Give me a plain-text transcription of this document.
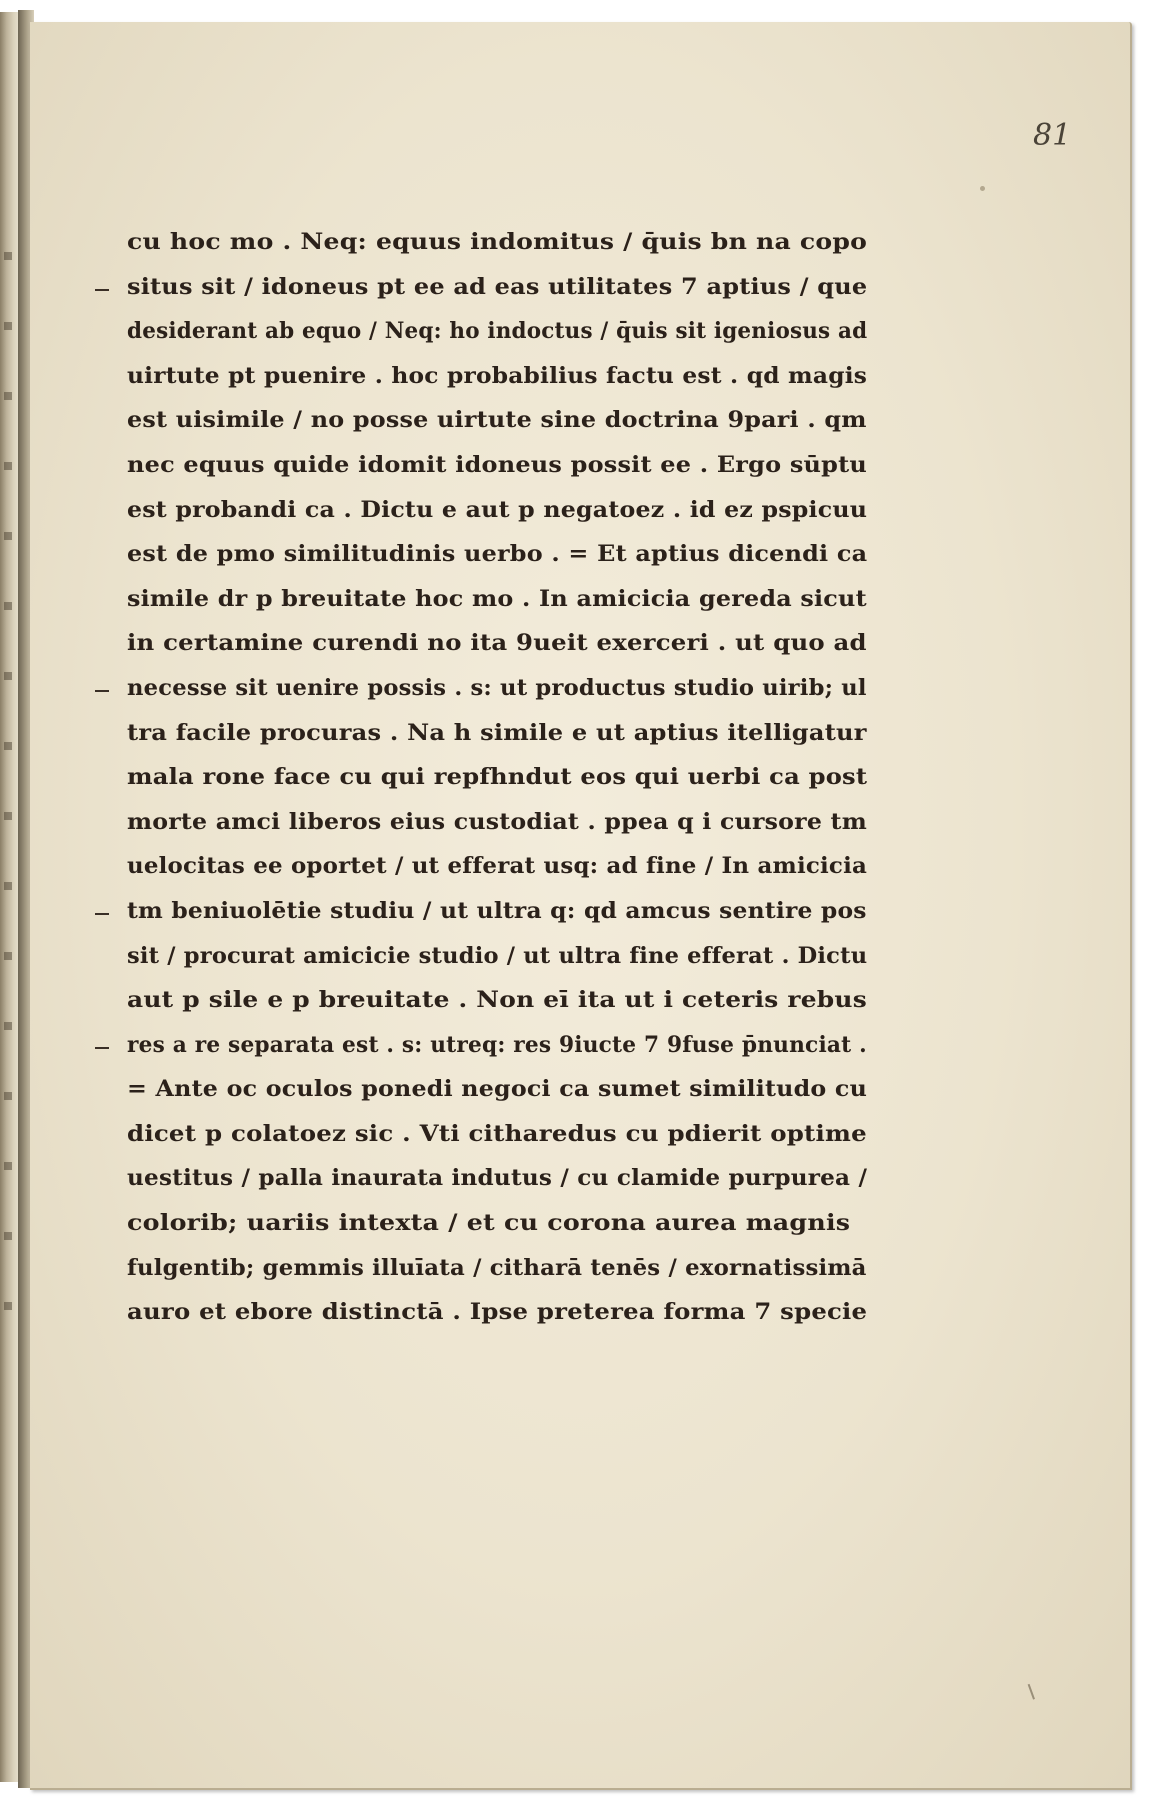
81
cu hoc mo . Neq: equus indomitus / q̄uis bn na copo
situs sit / idoneus pt ee ad eas utilitates 7 aptius / que
desiderant ab equo / Neq: ho indoctus / q̄uis sit igeniosus ad
uirtute pt puenire . hoc probabilius factu est . qd magis
est uisimile / no posse uirtute sine doctrina 9pari . qm
nec equus quide idomit idoneus possit ee . Ergo sūptu
est probandi ca . Dictu e aut p negatoez . id ez pspicuu
est de pmo similitudinis uerbo . = Et aptius dicendi ca
simile dr p breuitate hoc mo . In amicicia gereda sicut
in certamine curendi no ita 9ueit exerceri . ut quo ad
necesse sit uenire possis . s: ut productus studio uirib; ul
tra facile procuras . Na h simile e ut aptius itelligatur
mala rone face cu qui repfhndut eos qui uerbi ca post
morte amci liberos eius custodiat . ppea q i cursore tm
uelocitas ee oportet / ut efferat usq: ad fine / In amicicia
tm beniuolētie studiu / ut ultra q: qd amcus sentire pos
sit / procurat amicicie studio / ut ultra fine efferat . Dictu
aut p sile e p breuitate . Non eī ita ut i ceteris rebus
res a re separata est . s: utreq: res 9iucte 7 9fuse p̄nunciat .
= Ante oc oculos ponedi negoci ca sumet similitudo cu
dicet p colatoez sic . Vti citharedus cu pdierit optime
uestitus / palla inaurata indutus / cu clamide purpurea /
colorib; uariis intexta / et cu corona aurea magnis
fulgentib; gemmis illuīata / citharā tenēs / exornatissimā
auro et ebore distinctā . Ipse preterea forma 7 specie
